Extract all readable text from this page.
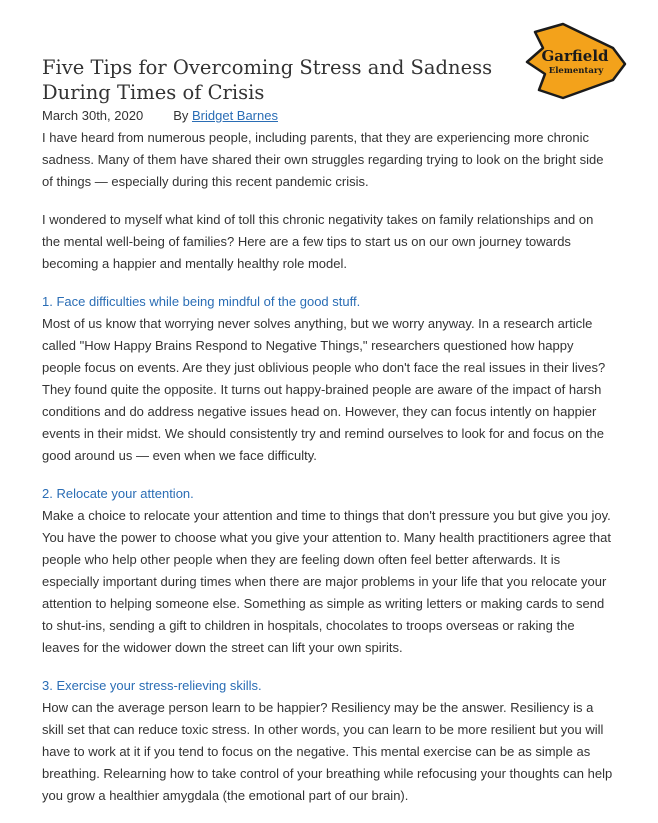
Garfield
Elementary
Five Tips for Overcoming Stress and Sadness During Times of Crisis
March 30th, 2020 By Bridget Barnes

I have heard from numerous people, including parents, that they are experiencing more chronic sadness. Many of them have shared their own struggles regarding trying to look on the bright side of things — especially during this recent pandemic crisis.

I wondered to myself what kind of toll this chronic negativity takes on family relationships and on the mental well-being of families? Here are a few tips to start us on our own journey towards becoming a happier and mentally healthy role model.

1. Face difficulties while being mindful of the good stuff.

Most of us know that worrying never solves anything, but we worry anyway. In a research article called "How Happy Brains Respond to Negative Things," researchers questioned how happy people focus on events. Are they just oblivious people who don't face the real issues in their lives? They found quite the opposite. It turns out happy-brained people are aware of the impact of harsh conditions and do address negative issues head on. However, they can focus intently on happier events in their midst. We should consistently try and remind ourselves to look for and focus on the good around us — even when we face difficulty.

2. Relocate your attention.

Make a choice to relocate your attention and time to things that don't pressure you but give you joy. You have the power to choose what you give your attention to. Many health practitioners agree that people who help other people when they are feeling down often feel better afterwards. It is especially important during times when there are major problems in your life that you relocate your attention to helping someone else. Something as simple as writing letters or making cards to send to shut-ins, sending a gift to children in hospitals, chocolates to troops overseas or raking the leaves for the widower down the street can lift your own spirits.

3. Exercise your stress-relieving skills.

How can the average person learn to be happier? Resiliency may be the answer. Resiliency is a skill set that can reduce toxic stress. In other words, you can learn to be more resilient but you will have to work at it if you tend to focus on the negative. This mental exercise can be as simple as breathing. Relearning how to take control of your breathing while refocusing your thoughts can help you grow a healthier amygdala (the emotional part of our brain).
